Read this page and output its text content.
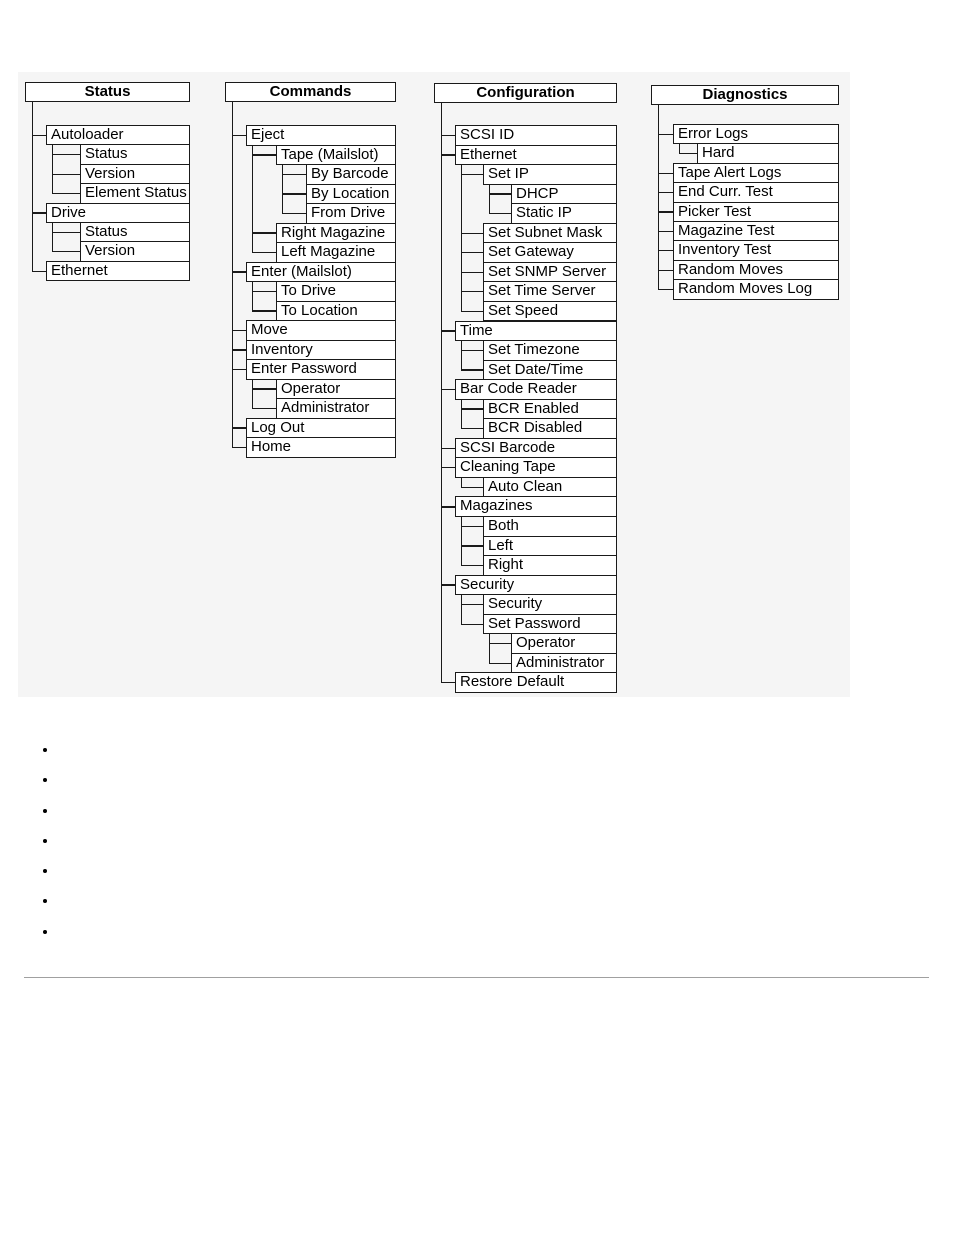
Status
Autoloader
Status
Version
Element Status
Drive
Status
Version
Ethernet
Commands
Eject
Tape (Mailslot)
By Barcode
By Location
From Drive
Right Magazine
Left Magazine
Enter (Mailslot)
To Drive
To Location
Move
Inventory
Enter Password
Operator
Administrator
Log Out
Home
Configuration
SCSI ID
Ethernet
Set IP
DHCP
Static IP
Set Subnet Mask
Set Gateway
Set SNMP Server
Set Time Server
Set Speed
Time
Set Timezone
Set Date/Time
Bar Code Reader
BCR Enabled
BCR Disabled
SCSI Barcode
Cleaning Tape
Auto Clean
Magazines
Both
Left
Right
Security
Security
Set Password
Operator
Administrator
Restore Default
Diagnostics
Error Logs
Hard
Tape Alert Logs
End Curr. Test
Picker Test
Magazine Test
Inventory Test
Random Moves
Random Moves Log
